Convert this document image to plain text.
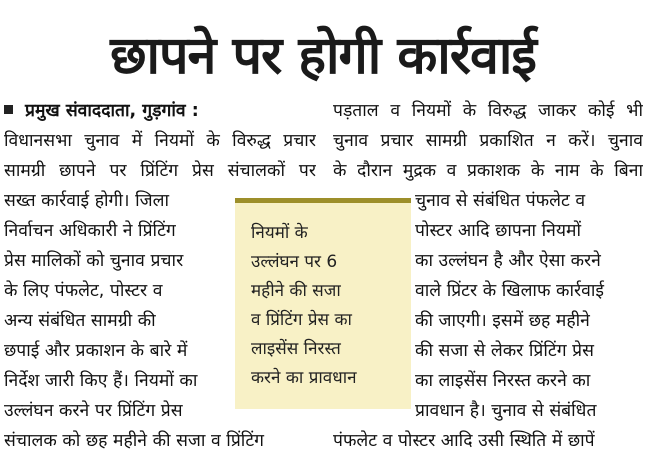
छापने पर होगी कार्रवाई
प्रमुख संवाददाता, गुड़गांव :
विधानसभा चुनाव में नियमों के विरुद्ध प्रचार
सामग्री छापने पर प्रिंटिंग प्रेस संचालकों पर
सख्त कार्रवाई होगी। जिला
निर्वाचन अधिकारी ने प्रिंटिंग
प्रेस मालिकों को चुनाव प्रचार
के लिए पंफलेट, पोस्टर व
अन्य संबंधित सामग्री की
छपाई और प्रकाशन के बारे में
निर्देश जारी किए हैं। नियमों का
उल्लंघन करने पर प्रिंटिंग प्रेस
संचालक को छह महीने की सजा व प्रिंटिंग
पड़ताल व नियमों के विरुद्ध जाकर कोई भी
चुनाव प्रचार सामग्री प्रकाशित न करें। चुनाव
के दौरान मुद्रक व प्रकाशक के नाम के बिना
चुनाव से संबंधित पंफलेट व
पोस्टर आदि छापना नियमों
का उल्लंघन है और ऐसा करने
वाले प्रिंटर के खिलाफ कार्रवाई
की जाएगी। इसमें छह महीने
की सजा से लेकर प्रिंटिंग प्रेस
का लाइसेंस निरस्त करने का
प्रावधान है। चुनाव से संबंधित
पंफलेट व पोस्टर आदि उसी स्थिति में छापें
नियमों के
उल्लंघन पर 6
महीने की सजा
व प्रिंटिंग प्रेस का
लाइसेंस निरस्त
करने का प्रावधान
